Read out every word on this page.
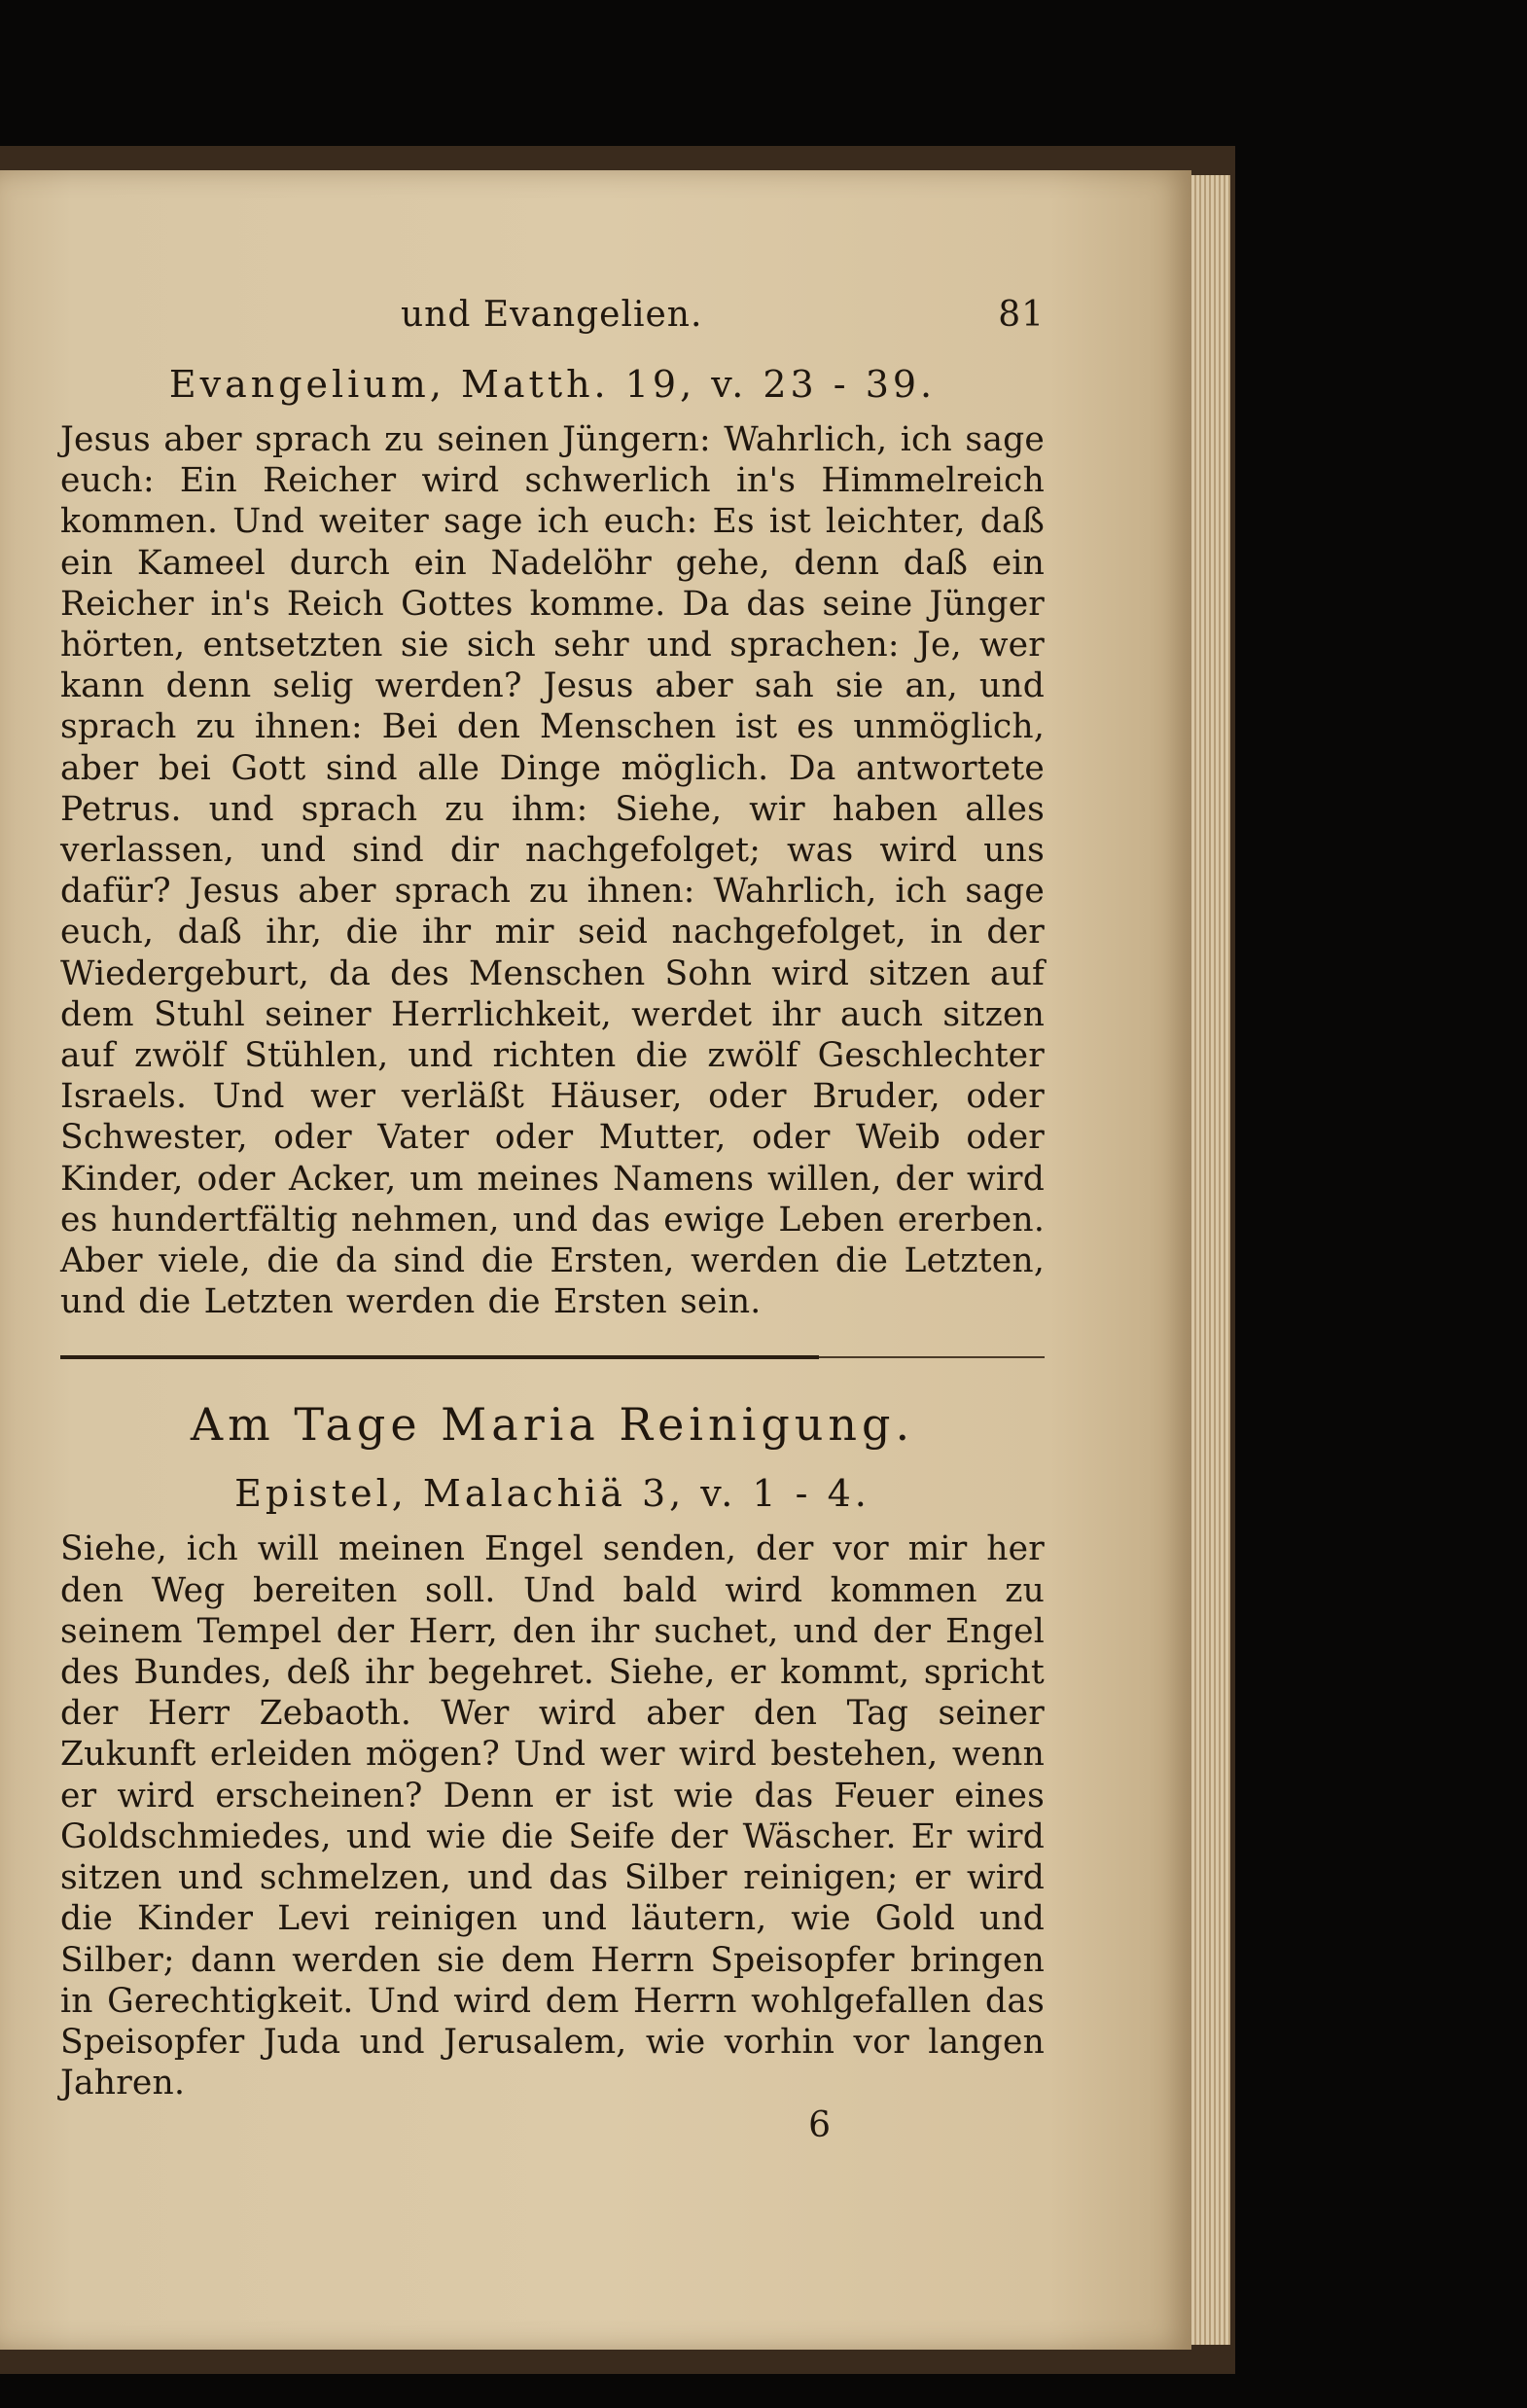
und Evangelien.	81
Evangelium, Matth. 19, v. 23 - 39.
Jesus aber sprach zu seinen Jüngern: Wahrlich, ich sage euch: Ein Reicher wird schwerlich in's Himmelreich kommen. Und weiter sage ich euch: Es ist leichter, daß ein Kameel durch ein Nadelöhr gehe, denn daß ein Reicher in's Reich Gottes komme. Da das seine Jünger hörten, entsetzten sie sich sehr und sprachen: Je, wer kann denn selig werden? Jesus aber sah sie an, und sprach zu ihnen: Bei den Menschen ist es unmöglich, aber bei Gott sind alle Dinge möglich. Da antwortete Petrus. und sprach zu ihm: Siehe, wir haben alles verlassen, und sind dir nachgefolget; was wird uns dafür? Jesus aber sprach zu ihnen: Wahrlich, ich sage euch, daß ihr, die ihr mir seid nachgefolget, in der Wiedergeburt, da des Menschen Sohn wird sitzen auf dem Stuhl seiner Herrlichkeit, werdet ihr auch sitzen auf zwölf Stühlen, und richten die zwölf Geschlechter Israels. Und wer verläßt Häuser, oder Bruder, oder Schwester, oder Vater oder Mutter, oder Weib oder Kinder, oder Acker, um meines Namens willen, der wird es hundertfältig nehmen, und das ewige Leben ererben. Aber viele, die da sind die Ersten, werden die Letzten, und die Letzten werden die Ersten sein.
Am Tage Maria Reinigung.
Epistel, Malachiä 3, v. 1 - 4.
Siehe, ich will meinen Engel senden, der vor mir her den Weg bereiten soll. Und bald wird kommen zu seinem Tempel der Herr, den ihr suchet, und der Engel des Bundes, deß ihr begehret. Siehe, er kommt, spricht der Herr Zebaoth. Wer wird aber den Tag seiner Zukunft erleiden mögen? Und wer wird bestehen, wenn er wird erscheinen? Denn er ist wie das Feuer eines Goldschmiedes, und wie die Seife der Wäscher. Er wird sitzen und schmelzen, und das Silber reinigen; er wird die Kinder Levi reinigen und läutern, wie Gold und Silber; dann werden sie dem Herrn Speisopfer bringen in Gerechtigkeit. Und wird dem Herrn wohlgefallen das Speisopfer Juda und Jerusalem, wie vorhin vor langen Jahren.
6
